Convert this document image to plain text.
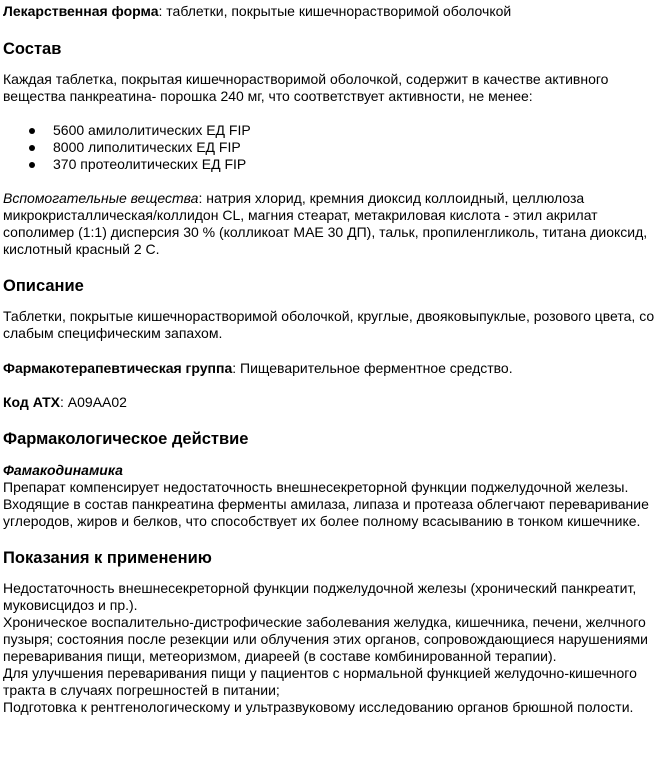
Лекарственная форма: таблетки, покрытые кишечнорастворимой оболочкой

Состав

Каждая таблетка, покрытая кишечнорастворимой оболочкой, содержит в качестве активного вещества панкреатина- порошка 240 мг, что соответствует активности, не менее:

5600 амилолитических ЕД FIP
8000 липолитических ЕД FIP
370 протеолитических ЕД FIP

Вспомогательные вещества: натрия хлорид, кремния диоксид коллоидный, целлюлоза микрокристаллическая/коллидон CL, магния стеарат, метакриловая кислота - этил акрилат сополимер (1:1) дисперсия 30 % (колликоат МАЕ 30 ДП), тальк, пропиленгликоль, титана диоксид, кислотный красный 2 С.

Описание

Таблетки, покрытые кишечнорастворимой оболочкой, круглые, двояковыпуклые, розового цвета, со слабым специфическим запахом.

Фармакотерапевтическая группа: Пищеварительное ферментное средство.

Код АТХ: A09AA02

Фармакологическое действие

Фамакодинамика

Препарат компенсирует недостаточность внешнесекреторной функции поджелудочной железы. Входящие в состав панкреатина ферменты амилаза, липаза и протеаза облегчают переваривание углеродов, жиров и белков, что способствует их более полному всасыванию в тонком кишечнике.

Показания к применению

Недостаточность внешнесекреторной функции поджелудочной железы (хронический панкреатит, муковисцидоз и пр.).

Хроническое воспалительно-дистрофические заболевания желудка, кишечника, печени, желчного пузыря; состояния после резекции или облучения этих органов, сопровождающиеся нарушениями переваривания пищи, метеоризмом, диареей (в составе комбинированной терапии).

Для улучшения переваривания пищи у пациентов с нормальной функцией желудочно-кишечного тракта в случаях погрешностей в питании;

Подготовка к рентгенологическому и ультразвуковому исследованию органов брюшной полости.
